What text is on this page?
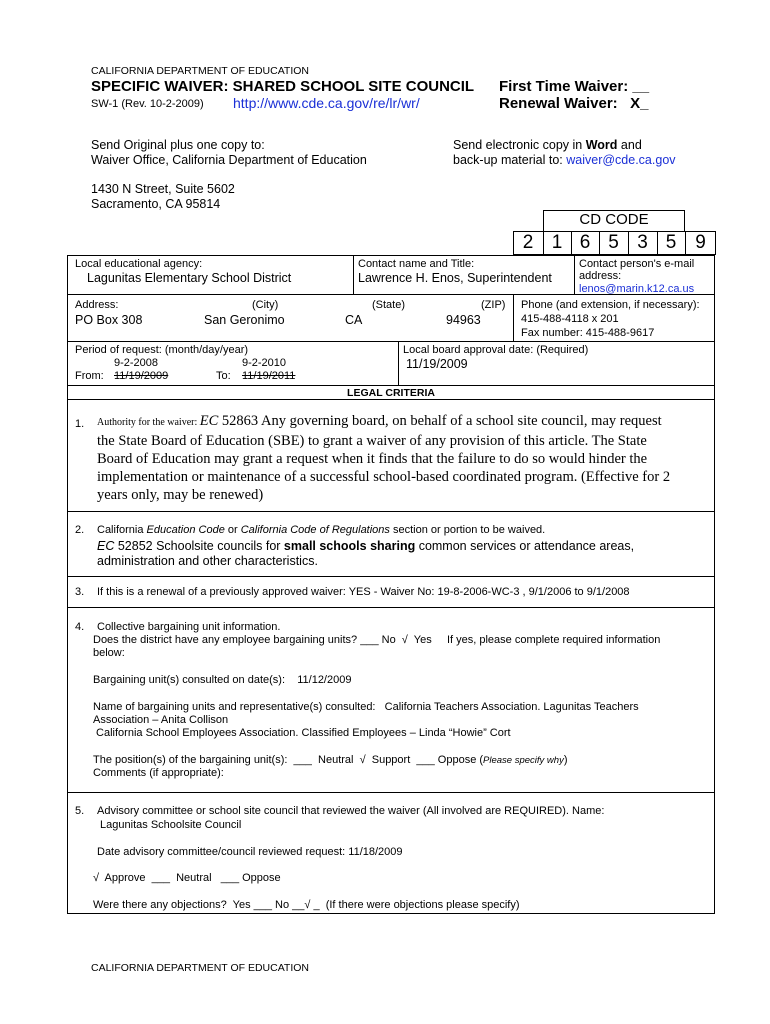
CALIFORNIA DEPARTMENT OF EDUCATION
SPECIFIC WAIVER: SHARED SCHOOL SITE COUNCIL
SW-1 (Rev. 10-2-2009) http://www.cde.ca.gov/re/lr/wr/
First Time Waiver: __
Renewal Waiver:   X_
Send Original plus one copy to:
Waiver Office, California Department of Education
Send electronic copy in Word and
back-up material to: waiver@cde.ca.gov
1430 N Street, Suite 5602
Sacramento, CA 95814
CD CODE
2 1 6 5 3 5 9
Local educational agency:
Lagunitas Elementary School District
Contact name and Title:
Lawrence H. Enos, Superintendent
Contact person's e-mail
address:
lenos@marin.k12.ca.us
Address:	(City)	(State)	(ZIP)
PO Box 308	San Geronimo	CA	94963
Phone (and extension, if necessary):
415-488-4118 x 201
Fax number: 415-488-9617
Period of request: (month/day/year)
9-2-2008	9-2-2010
From: 11/19/2009	To: 11/19/2011
Local board approval date: (Required)
11/19/2009
LEGAL CRITERIA
1. Authority for the waiver: EC 52863 Any governing board, on behalf of a school site council, may request
the State Board of Education (SBE) to grant a waiver of any provision of this article. The State
Board of Education may grant a request when it finds that the failure to do so would hinder the
implementation or maintenance of a successful school-based coordinated program. (Effective for 2
years only, may be renewed)
2. California Education Code or California Code of Regulations section or portion to be waived.
EC 52852 Schoolsite councils for small schools sharing common services or attendance areas,
administration and other characteristics.
3. If this is a renewal of a previously approved waiver: YES - Waiver No: 19-8-2006-WC-3 , 9/1/2006 to 9/1/2008
4. Collective bargaining unit information.
Does the district have any employee bargaining units? ___ No  √  Yes     If yes, please complete required information
below:
Bargaining unit(s) consulted on date(s):    11/12/2009
Name of bargaining units and representative(s) consulted:   California Teachers Association. Lagunitas Teachers
Association – Anita Collison
California School Employees Association. Classified Employees – Linda “Howie” Cort
The position(s) of the bargaining unit(s):  ___  Neutral  √  Support  ___ Oppose (Please specify why)
Comments (if appropriate):
5. Advisory committee or school site council that reviewed the waiver (All involved are REQUIRED). Name:
Lagunitas Schoolsite Council
Date advisory committee/council reviewed request: 11/18/2009
√  Approve  ___  Neutral   ___ Oppose
Were there any objections?  Yes ___ No __√ _  (If there were objections please specify)
CALIFORNIA DEPARTMENT OF EDUCATION
